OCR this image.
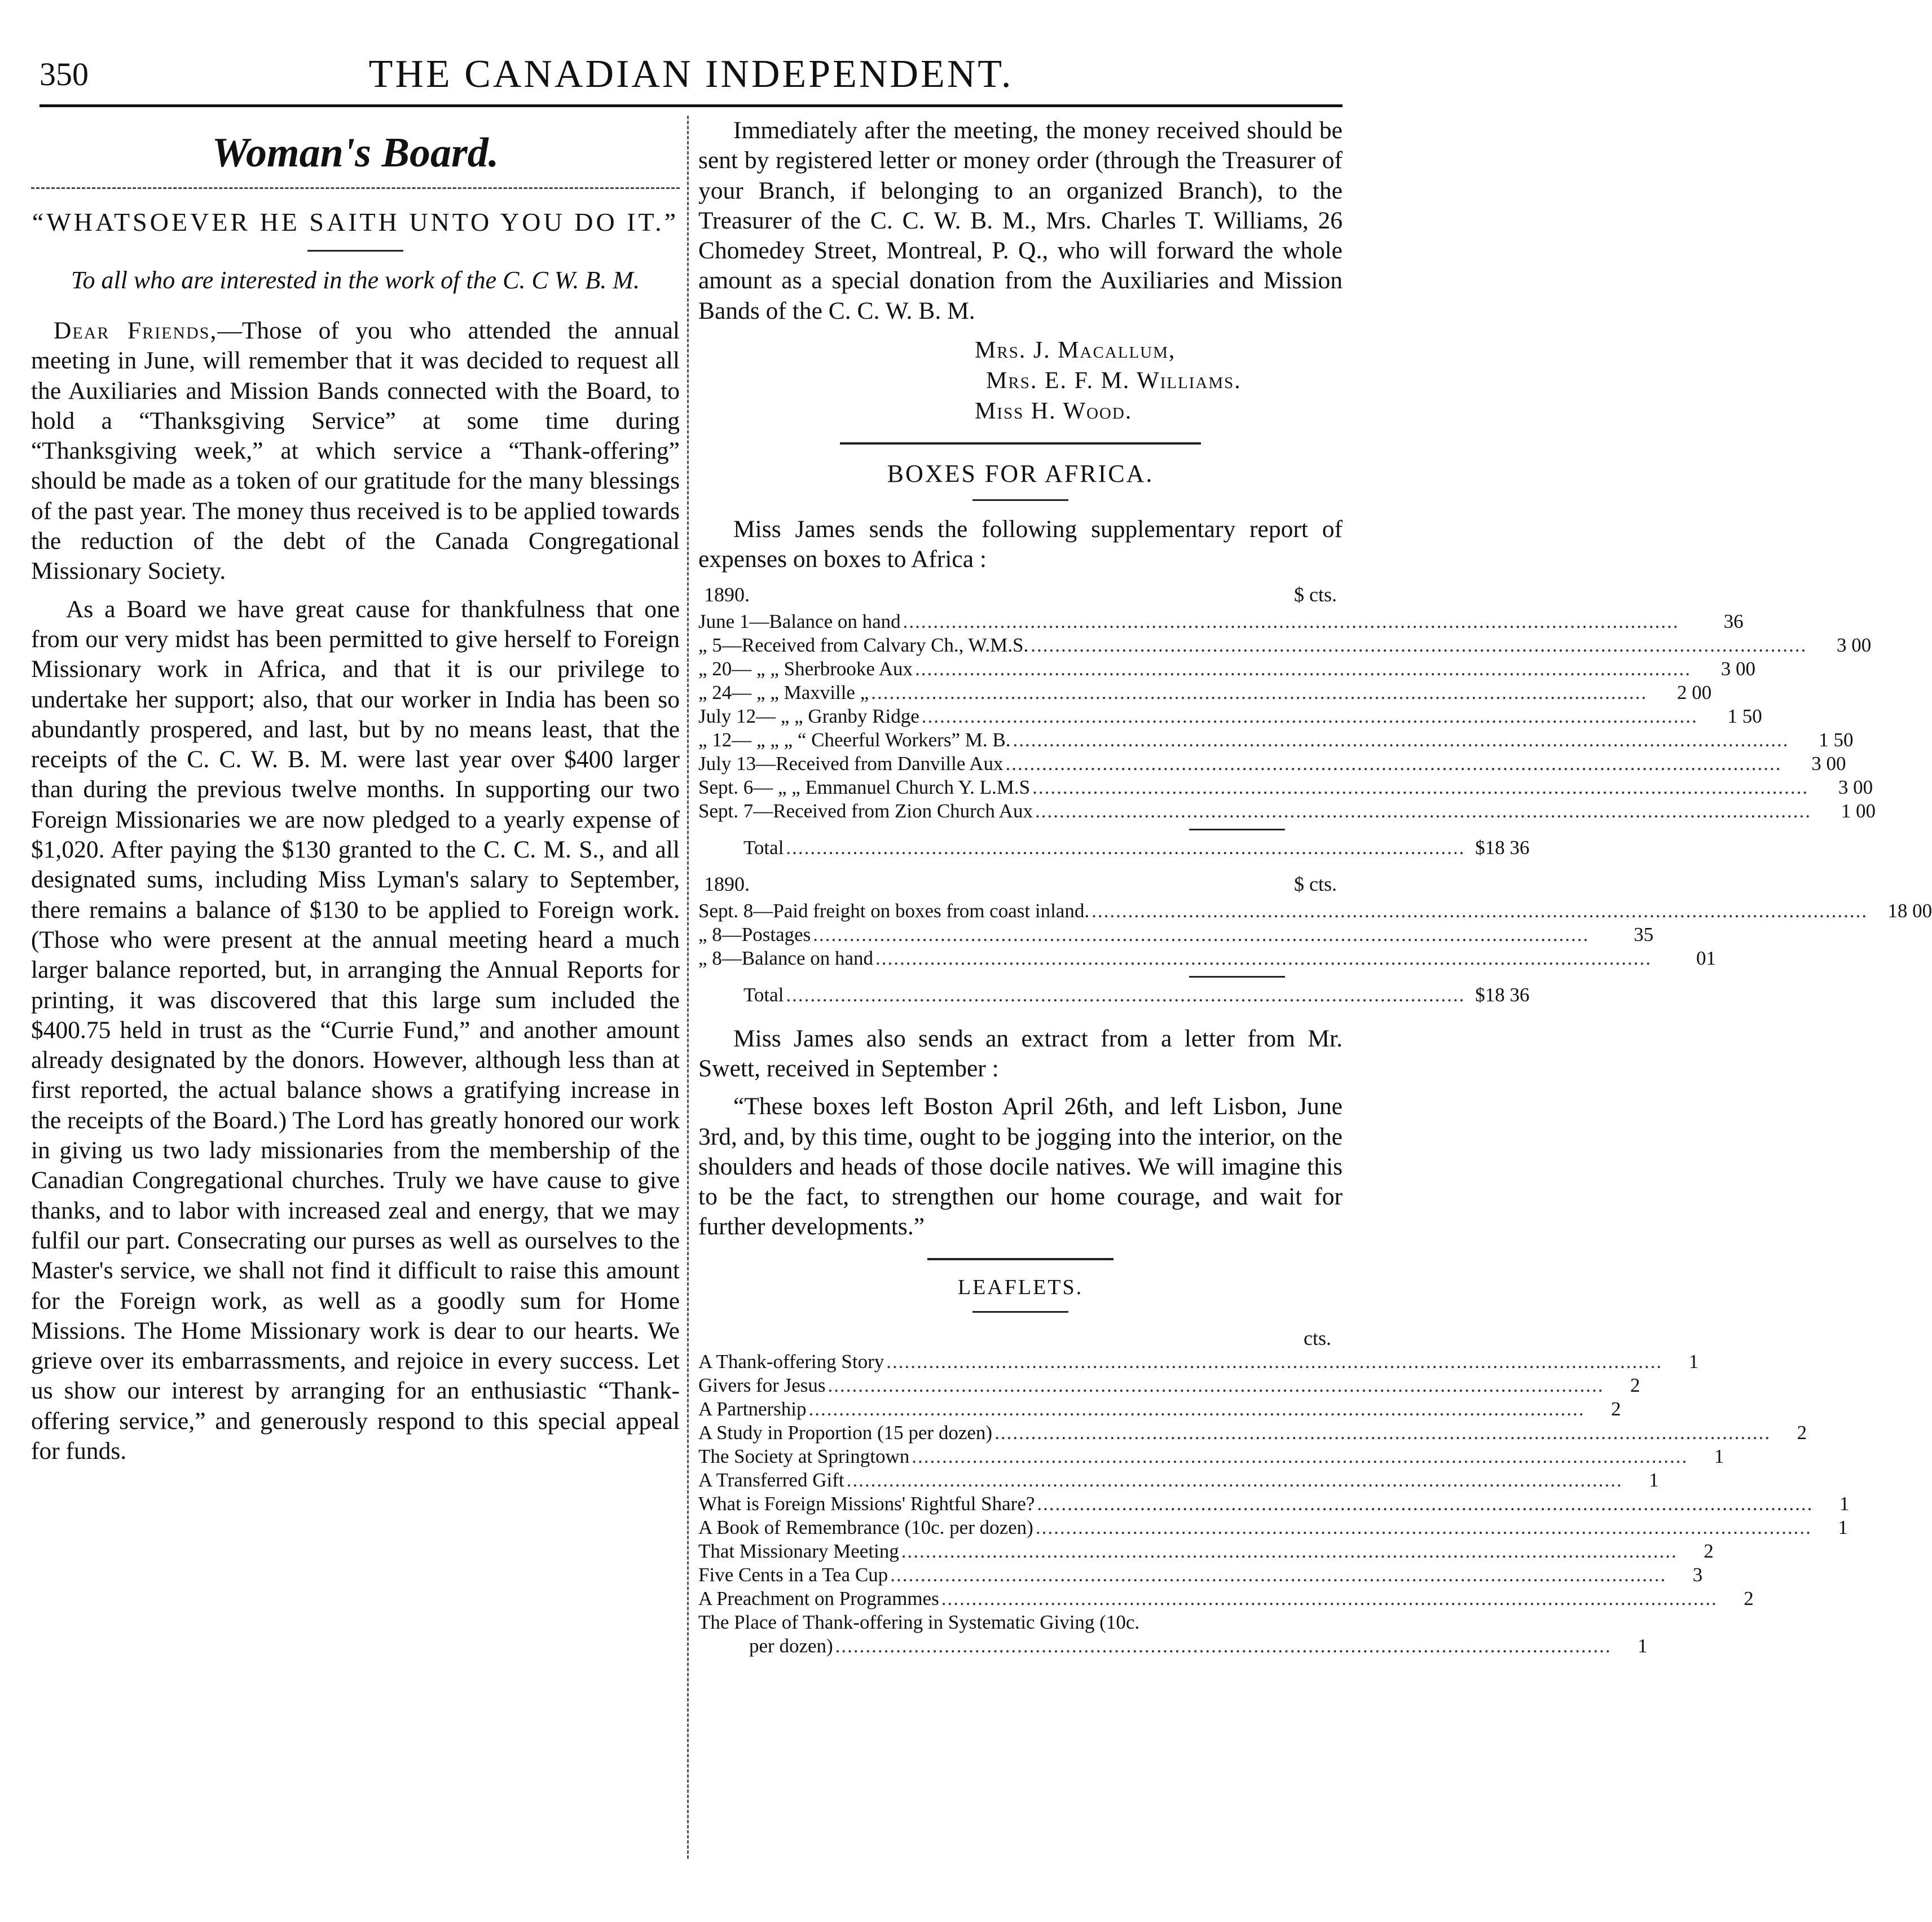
350	THE CANADIAN INDEPENDENT.
Woman's Board.

“WHATSOEVER HE SAITH UNTO YOU DO IT.”

To all who are interested in the work of the C. C W. B. M.

Dear Friends,—Those of you who attended the annual meeting in June, will remember that it was decided to request all the Auxiliaries and Mission Bands connected with the Board, to hold a “Thanksgiving Service” at some time during “Thanksgiving week,” at which service a “Thank-offering” should be made as a token of our gratitude for the many blessings of the past year. The money thus received is to be applied towards the reduction of the debt of the Canada Congregational Missionary Society.

As a Board we have great cause for thankfulness that one from our very midst has been permitted to give herself to Foreign Missionary work in Africa, and that it is our privilege to undertake her support; also, that our worker in India has been so abundantly prospered, and last, but by no means least, that the receipts of the C. C. W. B. M. were last year over $400 larger than during the previous twelve months. In supporting our two Foreign Missionaries we are now pledged to a yearly expense of $1,020. After paying the $130 granted to the C. C. M. S., and all designated sums, including Miss Lyman's salary to September, there remains a balance of $130 to be applied to Foreign work. (Those who were present at the annual meeting heard a much larger balance reported, but, in arranging the Annual Reports for printing, it was discovered that this large sum included the $400.75 held in trust as the “Currie Fund,” and another amount already designated by the donors. However, although less than at first reported, the actual balance shows a gratifying increase in the receipts of the Board.) The Lord has greatly honored our work in giving us two lady missionaries from the membership of the Canadian Congregational churches. Truly we have cause to give thanks, and to labor with increased zeal and energy, that we may fulfil our part. Consecrating our purses as well as ourselves to the Master's service, we shall not find it difficult to raise this amount for the Foreign work, as well as a goodly sum for Home Missions. The Home Missionary work is dear to our hearts. We grieve over its embarrassments, and rejoice in every success. Let us show our interest by arranging for an enthusiastic “Thank-offering service,” and generously respond to this special appeal for funds.

Immediately after the meeting, the money received should be sent by registered letter or money order (through the Treasurer of your Branch, if belonging to an organized Branch), to the Treasurer of the C. C. W. B. M., Mrs. Charles T. Williams, 26 Chomedey Street, Montreal, P. Q., who will forward the whole amount as a special donation from the Auxiliaries and Mission Bands of the C. C. W. B. M.

Mrs. J. Macallum,
Mrs. E. F. M. Williams.
Miss H. Wood.

BOXES FOR AFRICA.

Miss James sends the following supplementary report of expenses on boxes to Africa :

1890.	$ cts.
June 1—Balance on hand ................................................................................................................................	36
„ 5—Received from Calvary Ch., W.M.S. ................................................................................................................................	3 00
„ 20— „ „ Sherbrooke Aux ................................................................................................................................	3 00
„ 24— „ „ Maxville „ ................................................................................................................................	2 00
July 12— „ „ Granby Ridge ................................................................................................................................	1 50
„ 12— „ „ „ “ Cheerful Workers” M. B. ................................................................................................................................	1 50
July 13—Received from Danville Aux ................................................................................................................................	3 00
Sept. 6— „ „ Emmanuel Church Y. L.M.S ................................................................................................................................	3 00
Sept. 7—Received from Zion Church Aux ................................................................................................................................	1 00
Total ................................................................................................................ $18 36
1890.	$ cts.
Sept. 8—Paid freight on boxes from coast inland. ................................................................................................................................	18 00
„ 8—Postages ................................................................................................................................	35
„ 8—Balance on hand ................................................................................................................................	01
Total ................................................................................................................ $18 36

Miss James also sends an extract from a letter from Mr. Swett, received in September :

“These boxes left Boston April 26th, and left Lisbon, June 3rd, and, by this time, ought to be jogging into the interior, on the shoulders and heads of those docile natives. We will imagine this to be the fact, to strengthen our home courage, and wait for further developments.”

LEAFLETS.

cts.
A Thank-offering Story ................................................................................................................................	1
Givers for Jesus ................................................................................................................................	2
A Partnership ................................................................................................................................	2
A Study in Proportion (15 per dozen) ................................................................................................................................	2
The Society at Springtown ................................................................................................................................	1
A Transferred Gift ................................................................................................................................	1
What is Foreign Missions' Rightful Share? ................................................................................................................................	1
A Book of Remembrance (10c. per dozen) ................................................................................................................................	1
That Missionary Meeting ................................................................................................................................	2
Five Cents in a Tea Cup ................................................................................................................................	3
A Preachment on Programmes ................................................................................................................................	2
The Place of Thank-offering in Systematic Giving (10c.
per dozen) ................................................................................................................................	1
